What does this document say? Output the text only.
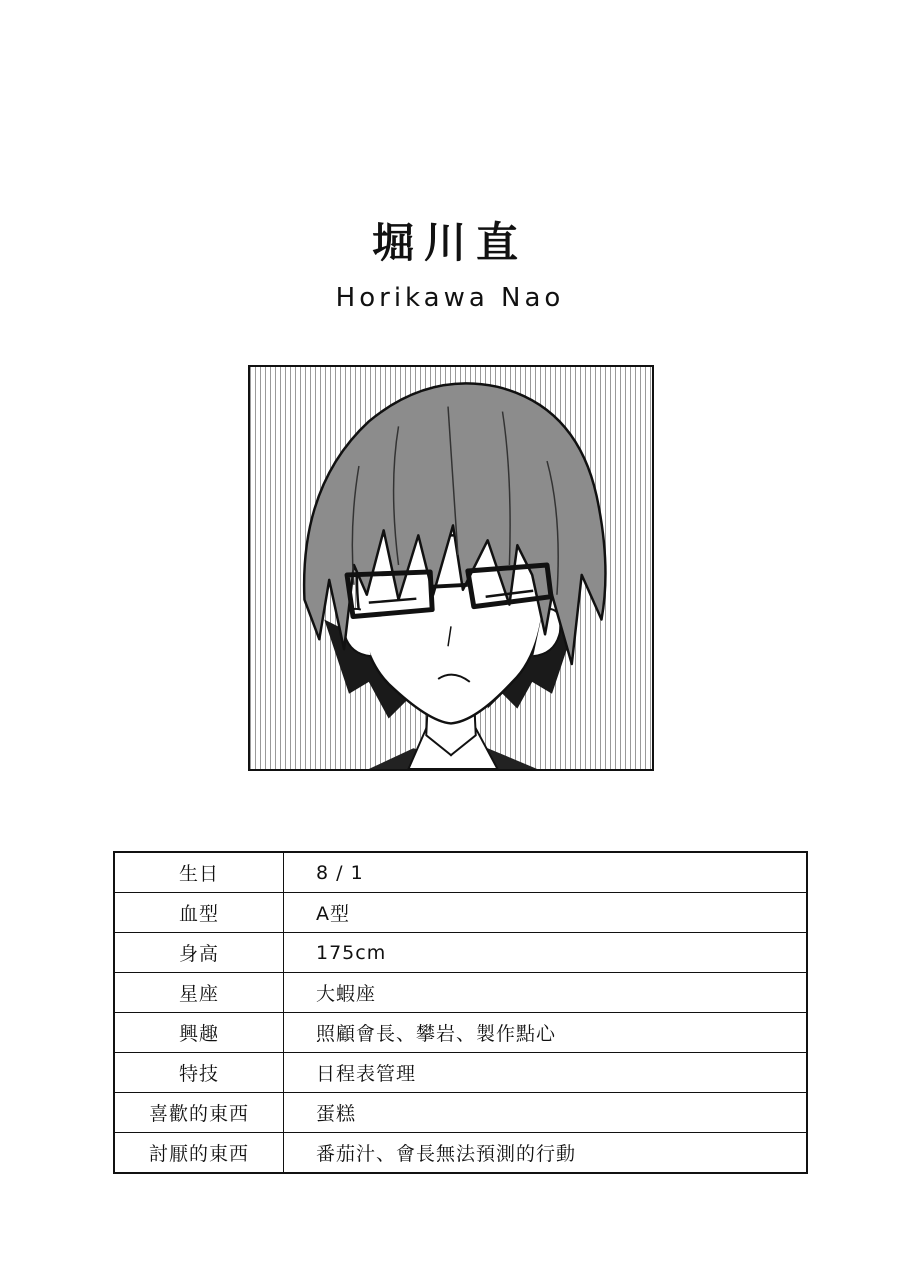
堀川直
Horikawa Nao
生日	8 / 1
血型	A型
身高	175cm
星座	大蝦座
興趣	照顧會長、攀岩、製作點心
特技	日程表管理
喜歡的東西	蛋糕
討厭的東西	番茄汁、會長無法預測的行動
